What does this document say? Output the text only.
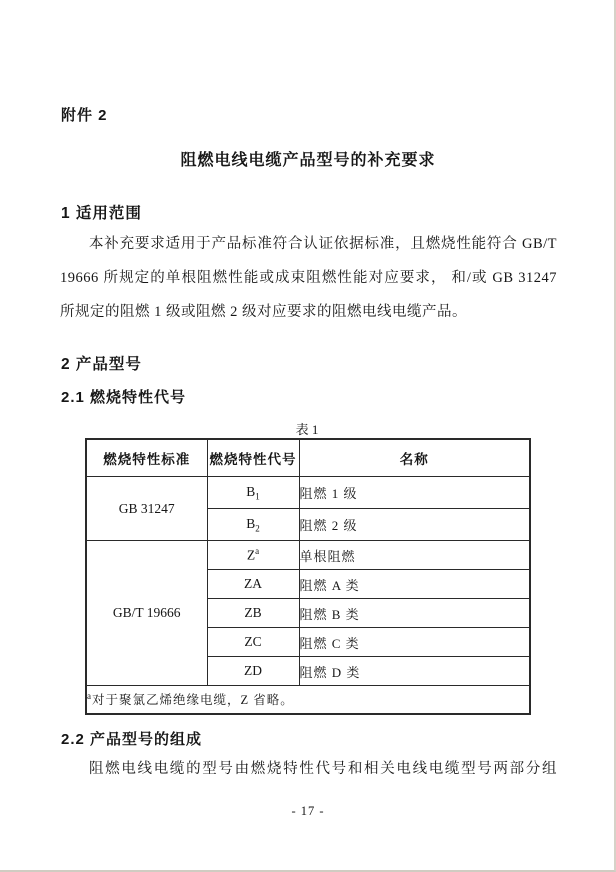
附件 2
阻燃电线电缆产品型号的补充要求
1 适用范围
本补充要求适用于产品标准符合认证依据标准，且燃烧性能符合 GB/T
19666 所规定的单根阻燃性能或成束阻燃性能对应要求， 和/或 GB 31247
所规定的阻燃 1 级或阻燃 2 级对应要求的阻燃电线电缆产品。
2 产品型号
2.1 燃烧特性代号
表 1
燃烧特性标准	燃烧特性代号	名称
GB 31247	$B_1$	阻燃 1 级
	$B_2$	阻燃 2 级
GB/T 19666	$Z^a$	单根阻燃
	ZA	阻燃 A 类
	ZB	阻燃 B 类
	ZC	阻燃 C 类
	ZD	阻燃 D 类
$^a$对于聚氯乙烯绝缘电缆，Z 省略。		
2.2 产品型号的组成
阻燃电线电缆的型号由燃烧特性代号和相关电线电缆型号两部分组
- 17 -
